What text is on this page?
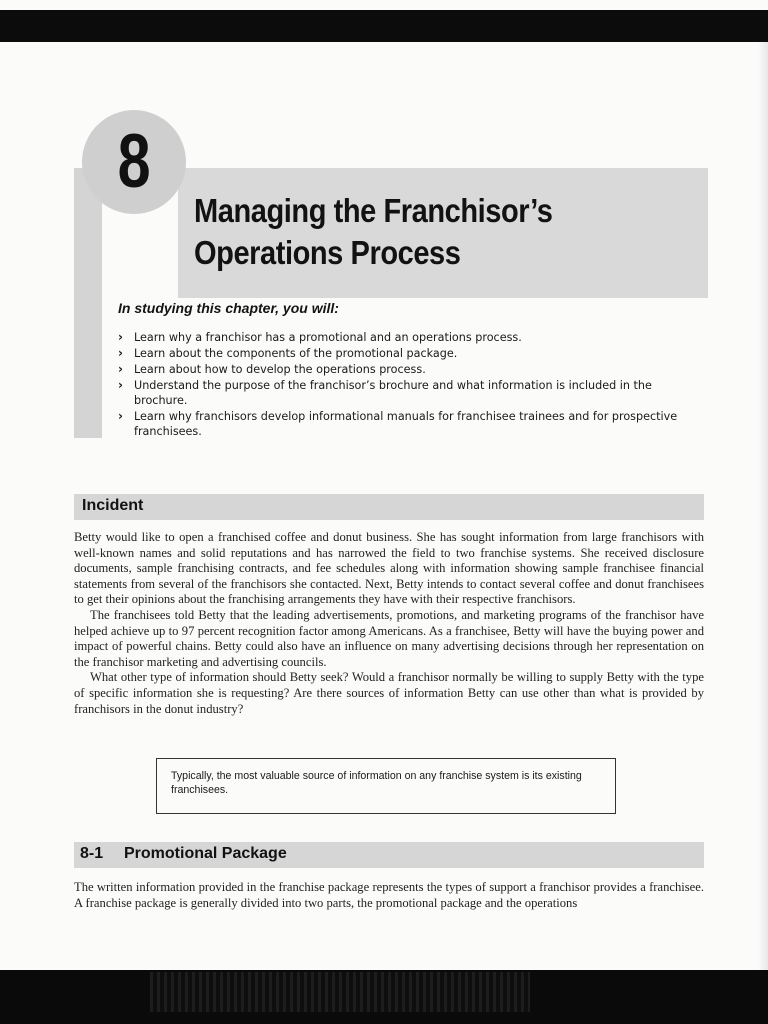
8
Managing the Franchisor’s
Operations Process
In studying this chapter, you will:
› Learn why a franchisor has a promotional and an operations process.
› Learn about the components of the promotional package.
› Learn about how to develop the operations process.
› Understand the purpose of the franchisor’s brochure and what information is included in the brochure.
› Learn why franchisors develop informational manuals for franchisee trainees and for prospective franchisees.
Incident

Betty would like to open a franchised coffee and donut business. She has sought information from large franchisors with well-known names and solid reputations and has narrowed the field to two franchise systems. She received disclosure documents, sample franchising contracts, and fee schedules along with information showing sample franchisee financial statements from several of the franchisors she contacted. Next, Betty intends to contact several coffee and donut franchisees to get their opinions about the franchising arrangements they have with their respective franchisors.

The franchisees told Betty that the leading advertisements, promotions, and marketing programs of the franchisor have helped achieve up to 97 percent recognition factor among Americans. As a franchisee, Betty will have the buying power and impact of powerful chains. Betty could also have an influence on many advertising decisions through her representation on the franchisor marketing and advertising councils.

What other type of information should Betty seek? Would a franchisor normally be willing to supply Betty with the type of specific information she is requesting? Are there sources of information Betty can use other than what is provided by franchisors in the donut industry?

Typically, the most valuable source of information on any franchise system is its existing franchisees.
8-1 Promotional Package

The written information provided in the franchise package represents the types of support a franchisor provides a franchisee. A franchise package is generally divided into two parts, the promotional package and the operations
